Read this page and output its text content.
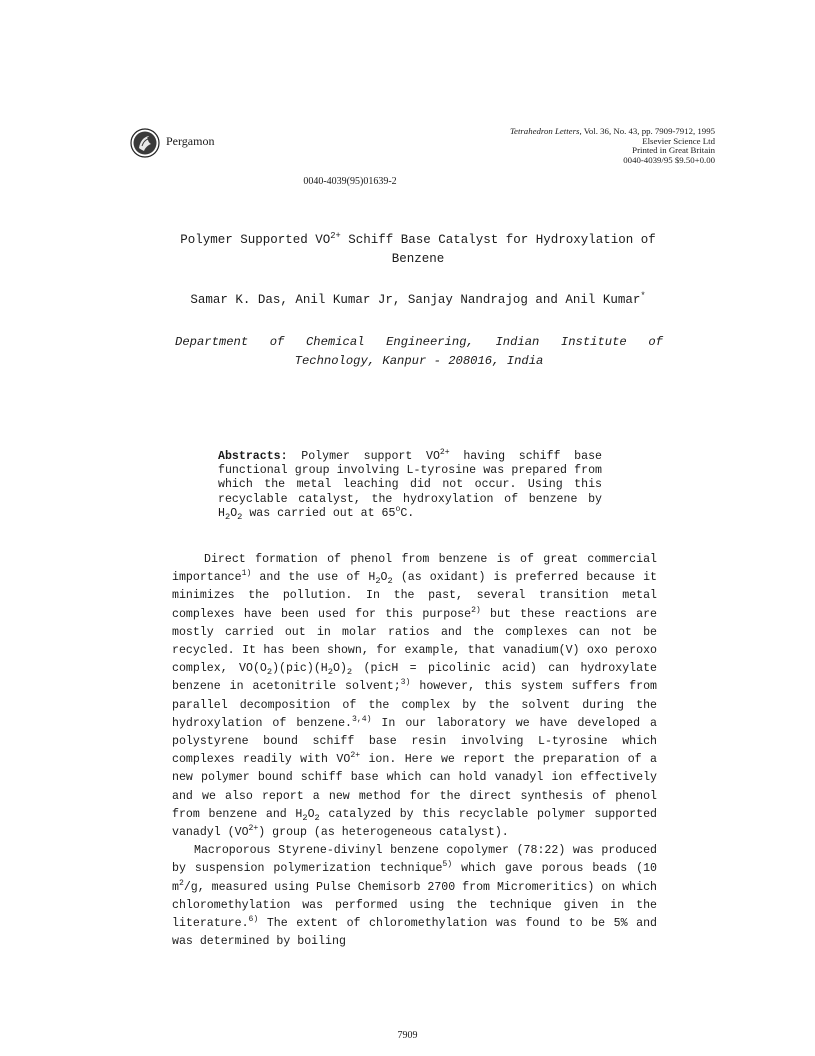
Pergamon
Tetrahedron Letters, Vol. 36, No. 43, pp. 7909-7912, 1995
Elsevier Science Ltd
Printed in Great Britain
0040-4039/95 $9.50+0.00
0040-4039(95)01639-2
Polymer Supported $VO^{2+}$ Schiff Base Catalyst for Hydroxylation of
Benzene
Samar K. Das, Anil Kumar Jr, Sanjay Nandrajog and Anil Kumar*
Department of Chemical Engineering, Indian Institute of
Technology, Kanpur - 208016, India
Abstracts: Polymer support $VO^{2+}$ having schiff base functional group involving L-tyrosine was prepared from which the metal leaching did not occur. Using this recyclable catalyst, the hydroxylation of benzene by $H_2O_2$ was carried out at 65$^o$C.

Direct formation of phenol from benzene is of great commercial importance$^{1)}$ and the use of $H_2O_2$ (as oxidant) is preferred because it minimizes the pollution. In the past, several transition metal complexes have been used for this purpose$^{2)}$ but these reactions are mostly carried out in molar ratios and the complexes can not be recycled. It has been shown, for example, that vanadium(V) oxo peroxo complex, $VO(O_2)(pic)(H_2O)_2$ (picH = picolinic acid) can hydroxylate benzene in acetonitrile solvent;$^{3)}$ however, this system suffers from parallel decomposition of the complex by the solvent during the hydroxylation of benzene.$^{3,4)}$ In our laboratory we have developed a polystyrene bound schiff base resin involving L-tyrosine which complexes readily with $VO^{2+}$ ion. Here we report the preparation of a new polymer bound schiff base which can hold vanadyl ion effectively and we also report a new method for the direct synthesis of phenol from benzene and $H_2O_2$ catalyzed by this recyclable polymer supported vanadyl $(VO^{2+})$ group (as heterogeneous catalyst).

Macroporous Styrene-divinyl benzene copolymer (78:22) was produced by suspension polymerization technique$^{5)}$ which gave porous beads (10 $m^2/g$, measured using Pulse Chemisorb 2700 from Micromeritics) on which chloromethylation was performed using the technique given in the literature.$^{6)}$ The extent of chloromethylation was found to be 5% and was determined by boiling

7909
